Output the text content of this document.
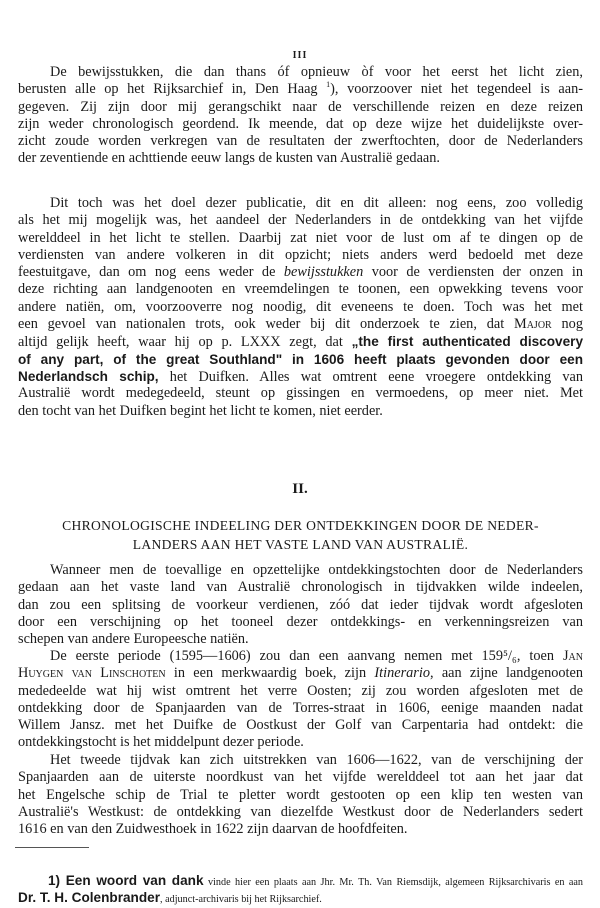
III
De bewijsstukken, die dan thans óf opnieuw òf voor het eerst het licht zien,
berusten alle op het Rijksarchief in, Den Haag $^1$), voorzoover niet het tegendeel is aan-
gegeven. Zij zijn door mij gerangschikt naar de verschillende reizen en deze reizen
zijn weder chronologisch geordend. Ik meende, dat op deze wijze het duidelijkste over-
zicht zoude worden verkregen van de resultaten der zwerftochten, door de Nederlanders
der zeventiende en achttiende eeuw langs de kusten van Australië gedaan.
Dit toch was het doel dezer publicatie, dit en dit alleen: nog eens, zoo volledig
als het mij mogelijk was, het aandeel der Nederlanders in de ontdekking van het vijfde
werelddeel in het licht te stellen. Daarbij zat niet voor de lust om af te dingen op de
verdiensten van andere volkeren in dit opzicht; niets anders werd bedoeld met deze
feestuitgave, dan om nog eens weder de bewijsstukken voor de verdiensten der onzen in
deze richting aan landgenooten en vreemdelingen te toonen, een opwekking tevens voor
andere natiën, om, voorzooverre nog noodig, dit eveneens te doen. Toch was het met
een gevoel van nationalen trots, ook weder bij dit onderzoek te zien, dat Major nog
altijd gelijk heeft, waar hij op p. LXXX zegt, dat „the first authenticated discovery
of any part, of the great Southland" in 1606 heeft plaats gevonden door een
Nederlandsch schip, het Duifken. Alles wat omtrent eene vroegere ontdekking van
Australië wordt medegedeeld, steunt op gissingen en vermoedens, op meer niet. Met
den tocht van het Duifken begint het licht te komen, niet eerder.
II.
CHRONOLOGISCHE INDEELING DER ONTDEKKINGEN DOOR DE NEDER-
LANDERS AAN HET VASTE LAND VAN AUSTRALIË.
Wanneer men de toevallige en opzettelijke ontdekkingstochten door de Nederlanders
gedaan aan het vaste land van Australië chronologisch in tijdvakken wilde indeelen,
dan zou een splitsing de voorkeur verdienen, zóó dat ieder tijdvak wordt afgesloten
door een verschijning op het tooneel dezer ontdekkings- en verkenningsreizen van
schepen van andere Europeesche natiën.
De eerste periode (1595—1606) zou dan een aanvang nemen met 159⁵/₆, toen Jan
Huygen van Linschoten in een merkwaardig boek, zijn Itinerario, aan zijne landgenooten
mededeelde wat hij wist omtrent het verre Oosten; zij zou worden afgesloten met de
ontdekking door de Spanjaarden van de Torres-straat in 1606, eenige maanden nadat
Willem Jansz. met het Duifke de Oostkust der Golf van Carpentaria had ontdekt: die
ontdekkingstocht is het middelpunt dezer periode.
Het tweede tijdvak kan zich uitstrekken van 1606—1622, van de verschijning der
Spanjaarden aan de uiterste noordkust van het vijfde werelddeel tot aan het jaar dat
het Engelsche schip de Trial te pletter wordt gestooten op een klip ten westen van
Australië's Westkust: de ontdekking van diezelfde Westkust door de Nederlanders sedert
1616 en van den Zuidwesthoek in 1622 zijn daarvan de hoofdfeiten.
1) Een woord van dank vinde hier een plaats aan Jhr. Mr. Th. Van Riemsdijk, algemeen Rijksarchivaris en aan
Dr. T. H. Colenbrander, adjunct-archivaris bij het Rijksarchief.
